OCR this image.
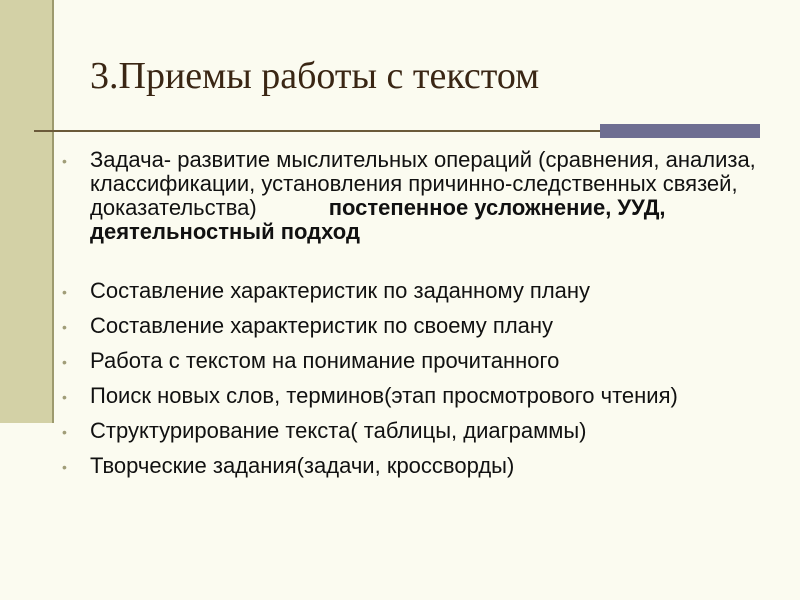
3.Приемы работы с текстом
• Задача- развитие мыслительных операций (сравнения, анализа, классификации, установления причинно-следственных связей, доказательства)	постепенное усложнение, УУД, деятельностный подход
• Составление характеристик по заданному плану
• Составление характеристик по своему плану
• Работа с текстом на понимание прочитанного
• Поиск новых слов, терминов(этап просмотрового чтения)
• Структурирование текста( таблицы, диаграммы)
• Творческие задания(задачи, кроссворды)
